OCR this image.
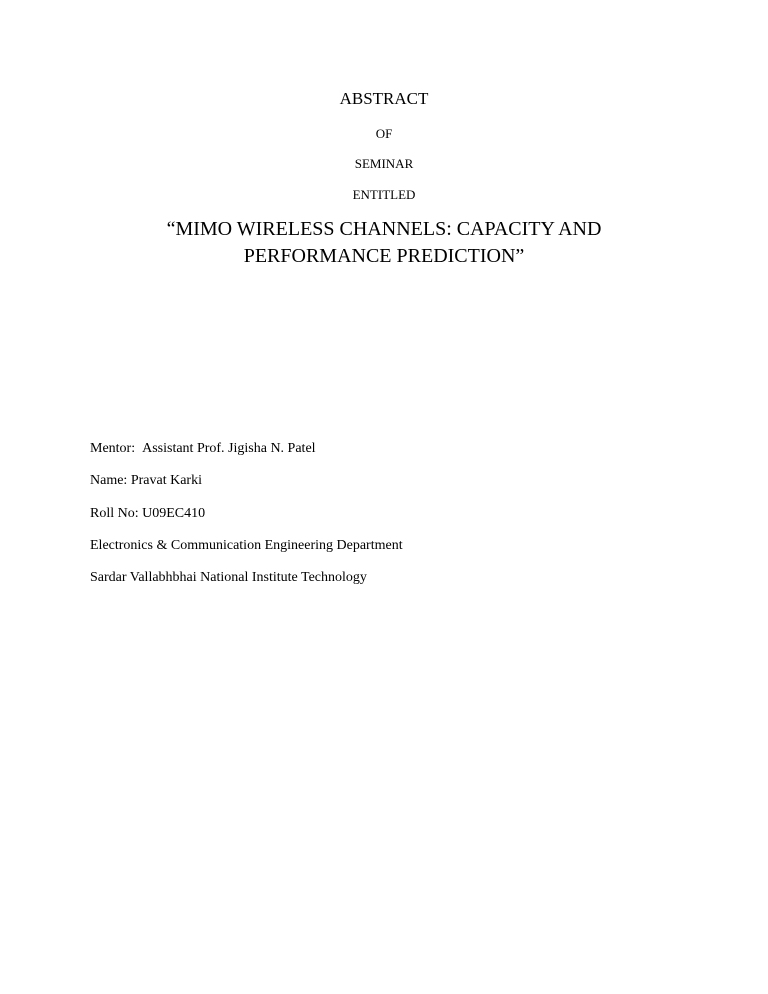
ABSTRACT
OF
SEMINAR
ENTITLED
“MIMO WIRELESS CHANNELS: CAPACITY AND
PERFORMANCE PREDICTION”
Mentor:  Assistant Prof. Jigisha N. Patel
Name: Pravat Karki
Roll No: U09EC410
Electronics & Communication Engineering Department
Sardar Vallabhbhai National Institute Technology
